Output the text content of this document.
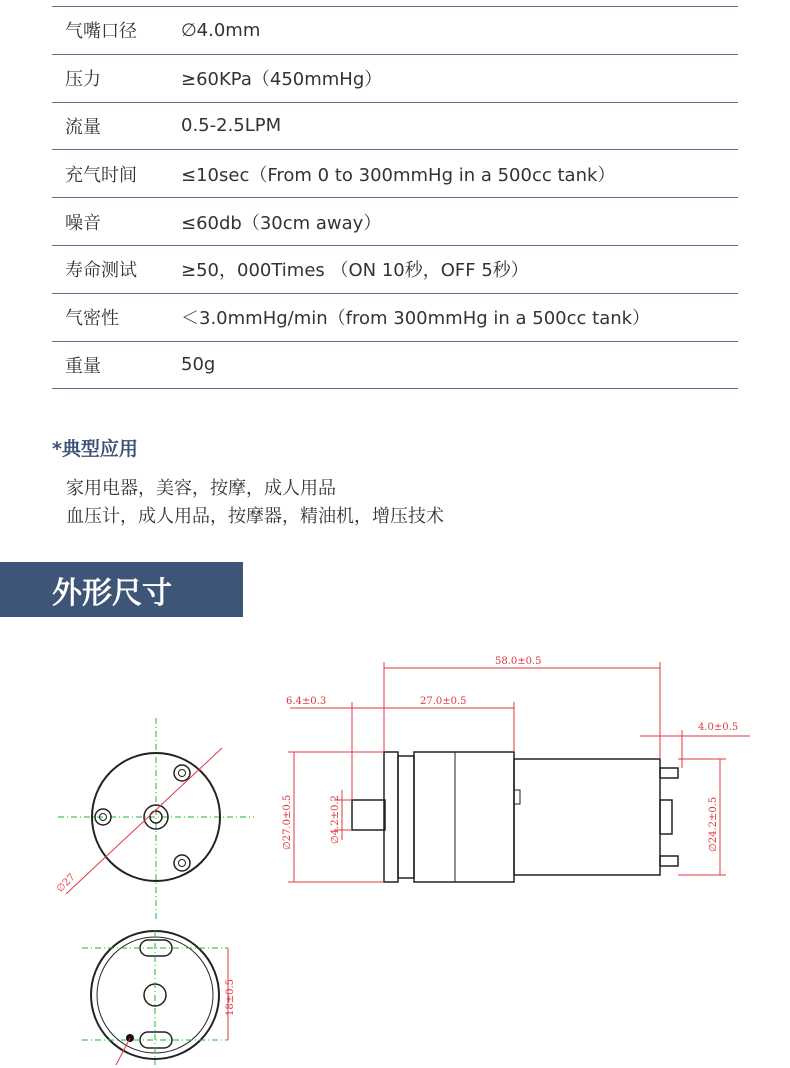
气嘴口径	∅4.0mm
压力	≥60KPa（450mmHg）
流量	0.5-2.5LPM
充气时间	≤10sec（From 0 to 300mmHg in a 500cc tank）
噪音	≤60db（30cm away）
寿命测试	≥50，000Times （ON 10秒，OFF 5秒）
气密性	＜3.0mmHg/min（from 300mmHg in a 500cc tank）
重量	50g
*典型应用
家用电器，美容，按摩，成人用品
血压计，成人用品，按摩器，精油机，增压技术
外形尺寸
∅27
18±0.5
58.0±0.5
6.4±0.3	27.0±0.5
4.0±0.5
∅27.0±0.5	∅4.2±0.2	∅24.2±0.5
